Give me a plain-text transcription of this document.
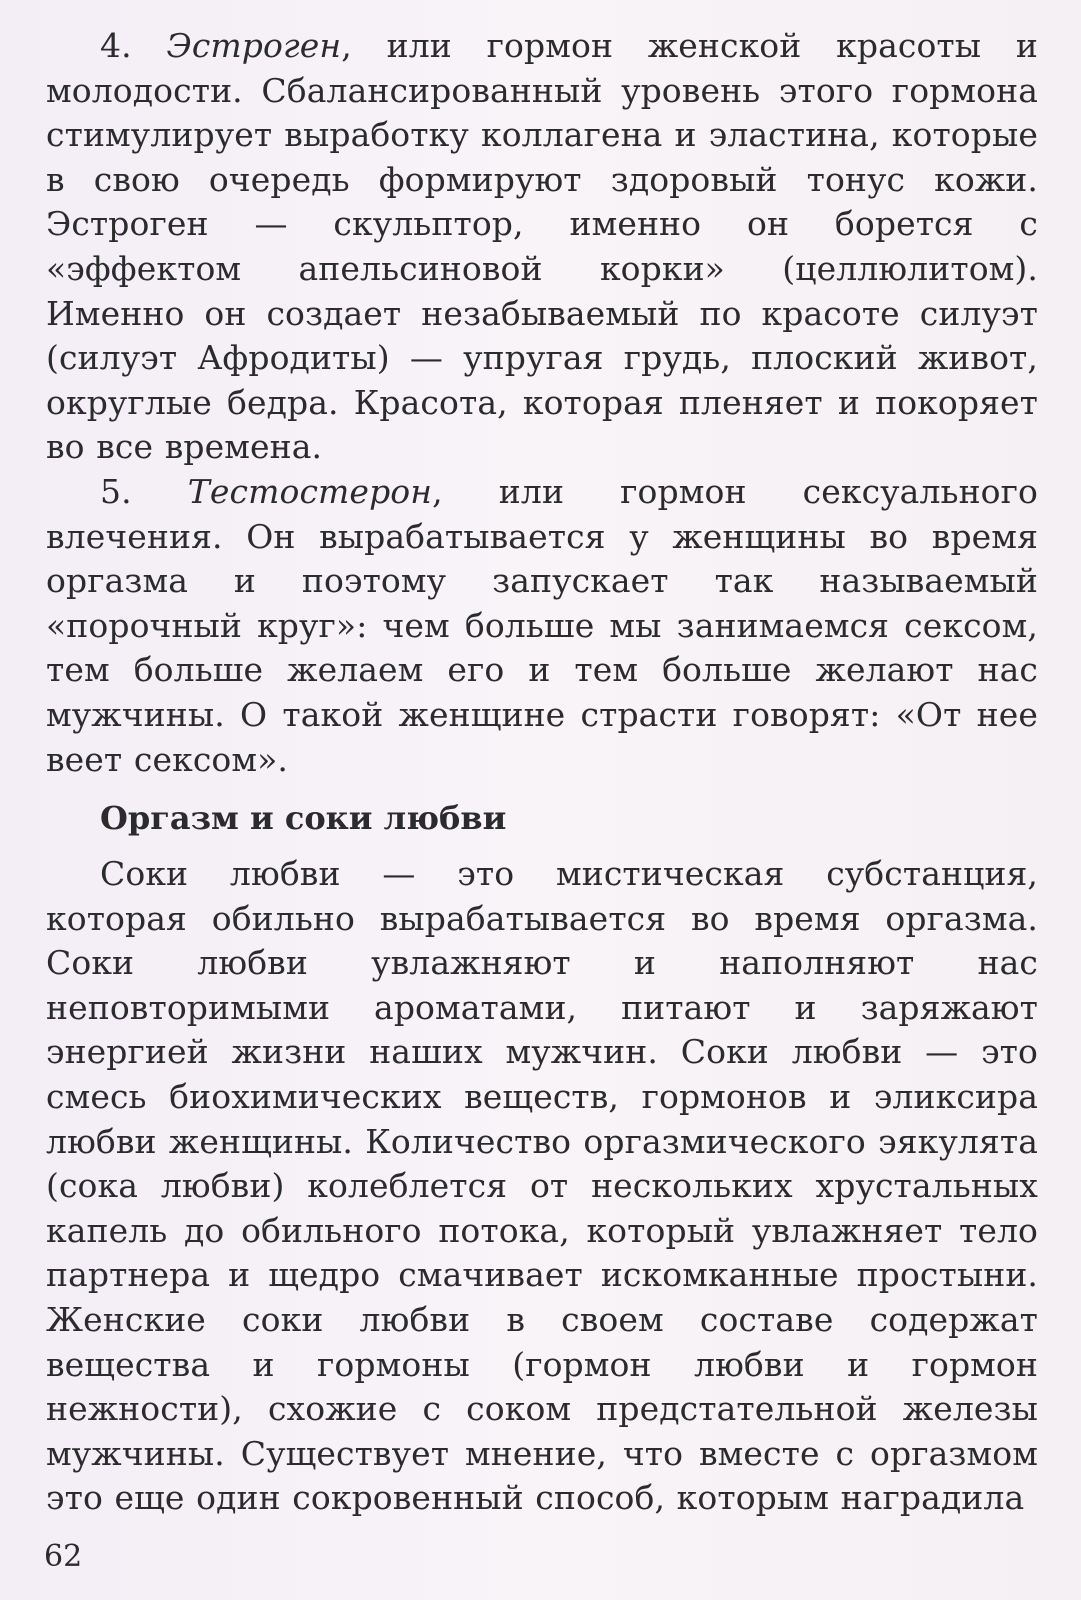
4. Эстроген, или гормон женской красоты и молодости. Сбалансированный уровень этого гормона стимулирует выработку коллагена и эластина, которые в свою очередь формируют здоровый тонус кожи. Эстроген — скульптор, именно он борется с «эффектом апельсиновой корки» (целлюлитом). Именно он создает незабываемый по красоте силуэт (силуэт Афродиты) — упругая грудь, плоский живот, округлые бедра. Красота, которая пленяет и покоряет во все времена.

5. Тестостерон, или гормон сексуального влечения. Он вырабатывается у женщины во время оргазма и поэтому запускает так называемый «порочный круг»: чем больше мы занимаемся сексом, тем больше желаем его и тем больше желают нас мужчины. О такой женщине страсти говорят: «От нее веет сексом».

Оргазм и соки любви

Соки любви — это мистическая субстанция, которая обильно вырабатывается во время оргазма. Соки любви увлажняют и наполняют нас неповторимыми ароматами, питают и заряжают энергией жизни наших мужчин. Соки любви — это смесь биохимических веществ, гормонов и эликсира любви женщины. Количество оргазмического эякулята (сока любви) колеблется от нескольких хрустальных капель до обильного потока, который увлажняет тело партнера и щедро смачивает искомканные простыни. Женские соки любви в своем составе содержат вещества и гормоны (гормон любви и гормон нежности), схожие с соком предстательной железы мужчины. Существует мнение, что вместе с оргазмом это еще один сокровенный способ, которым наградила

62
